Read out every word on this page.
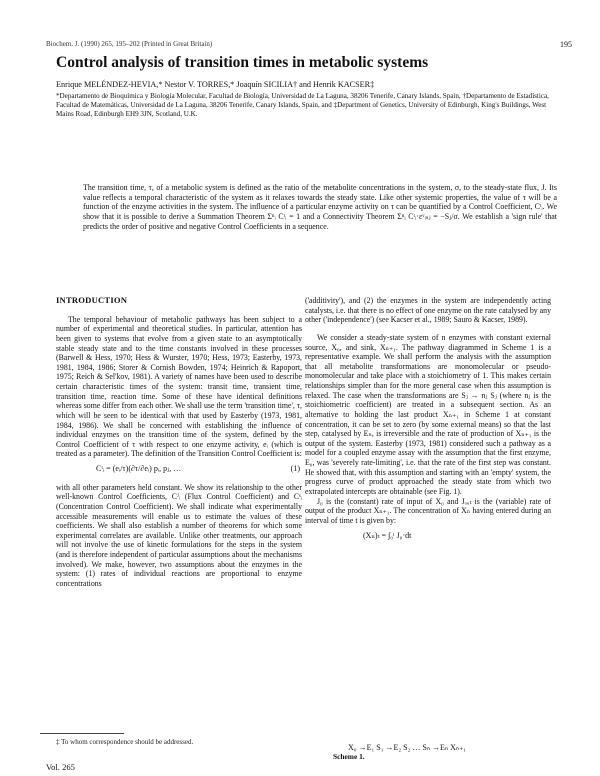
Biochem. J. (1990) 265, 195–202 (Printed in Great Britain)	195
Control analysis of transition times in metabolic systems
Enrique MELÉNDEZ-HEVIA,* Nestor V. TORRES,* Joaquín SICILIA† and Henrik KACSER‡
*Departamento de Bioquímica y Biología Molecular, Facultad de Biología, Universidad de La Laguna, 38206 Tenerife, Canary Islands, Spain, †Departamento de Estadística, Facultad de Matemáticas, Universidad de La Laguna, 38206 Tenerife, Canary Islands, Spain, and ‡Department of Genetics, University of Edinburgh, King's Buildings, West Mains Road, Edinburgh EH9 3JN, Scotland, U.K.
The transition time, τ, of a metabolic system is defined as the ratio of the metabolite concentrations in the system, σ, to the steady-state flux, J. Its value reflects a temporal characteristic of the system as it relaxes towards the steady state. Like other systemic properties, the value of τ will be a function of the enzyme activities in the system. The influence of a particular enzyme activity on τ can be quantified by a Control Coefficient, Cᵗᵢ. We show that it is possible to derive a Summation Theorem Σⁿᵢ Cᵗᵢ = 1 and a Connectivity Theorem Σⁿᵢ Cᵗᵢ·εᵛᵢₛⱼ = −Sⱼ/σ. We establish a 'sign rule' that predicts the order of positive and negative Control Coefficients in a sequence.
INTRODUCTION

The temporal behaviour of metabolic pathways has been subject to a number of experimental and theoretical studies. In particular, attention has been given to systems that evolve from a given state to an asymptotically stable steady state and to the time constants involved in these processes (Barwell & Hess, 1970; Hess & Wurster, 1970; Hess, 1973; Easterby, 1973, 1981, 1984, 1986; Storer & Cornish Bowden, 1974; Heinrich & Rapoport, 1975; Reich & Sel'kov, 1981). A variety of names have been used to describe certain characteristic times of the system: transit time, transient time, transition time, reaction time. Some of these have identical definitions whereas some differ from each other. We shall use the term 'transition time', τ, which will be seen to be identical with that used by Easterby (1973, 1981, 1984, 1986). We shall be concerned with establishing the influence of individual enzymes on the transition time of the system, defined by the Control Coefficient of τ with respect to one enzyme activity, eᵢ (which is treated as a parameter). The definition of the Transition Control Coefficient is:

Cᵗᵢ = (eᵢ/τ)(∂τ/∂eᵢ) pᵢ, pⱼ, …	(1)

with all other parameters held constant. We show its relationship to the other well-known Control Coefficients, Cᴶᵢ (Flux Control Coefficient) and Cˢᵢ (Concentration Control Coefficient). We shall indicate what experimentally accessible measurements will enable us to estimate the values of these coefficients. We shall also establish a number of theorems for which some experimental correlates are available. Unlike other treatments, our approach will not involve the use of kinetic formulations for the steps in the system (and is therefore independent of particular assumptions about the mechanisms involved). We make, however, two assumptions about the enzymes in the system: (1) rates of individual reactions are proportional to enzyme concentrations

('additivity'), and (2) the enzymes in the system are independently acting catalysts, i.e. that there is no effect of one enzyme on the rate catalysed by any other ('independence') (see Kacser et al., 1989; Sauro & Kacser, 1989).

We consider a steady-state system of n enzymes with constant external source, X₀, and sink, Xₙ₊₁. The pathway diagrammed in Scheme 1 is a representative example. We shall perform the analysis with the assumption that all metabolite transformations are monomolecular or pseudo-monomolecular and take place with a stoichiometry of 1. This makes certain relationships simpler than for the more general case when this assumption is relaxed. The case when the transformations are Sⱼ → nⱼ Sⱼ (where nⱼ is the stoichiometric coefficient) are treated in a subsequent section. As an alternative to holding the last product Xₙ₊₁ in Scheme 1 at constant concentration, it can be set to zero (by some external means) so that the last step, catalysed by Eₙ, is irreversible and the rate of production of Xₙ₊₁ is the output of the system. Easterby (1973, 1981) considered such a pathway as a model for a coupled enzyme assay with the assumption that the first enzyme, E₀, was 'severely rate-limiting', i.e. that the rate of the first step was constant. He showed that, with this assumption and starting with an 'empty' system, the progress curve of product approached the steady state from which two extrapolated intercepts are obtainable (see Fig. 1).

J₀ is the (constant) rate of input of X₀ and Jₒᵤₜ is the (variable) rate of output of the product Xₙ₊₁. The concentration of Xₙ having entered during an interval of time t is given by:

(Xₙ)ₜ = ∫₀ᵗ J₀·dt
X₀ →E₁ S₁ →E₂ S₂ … Sₙ →Eₙ Xₙ₊₁
Scheme 1.
‡ To whom correspondence should be addressed.
Vol. 265
